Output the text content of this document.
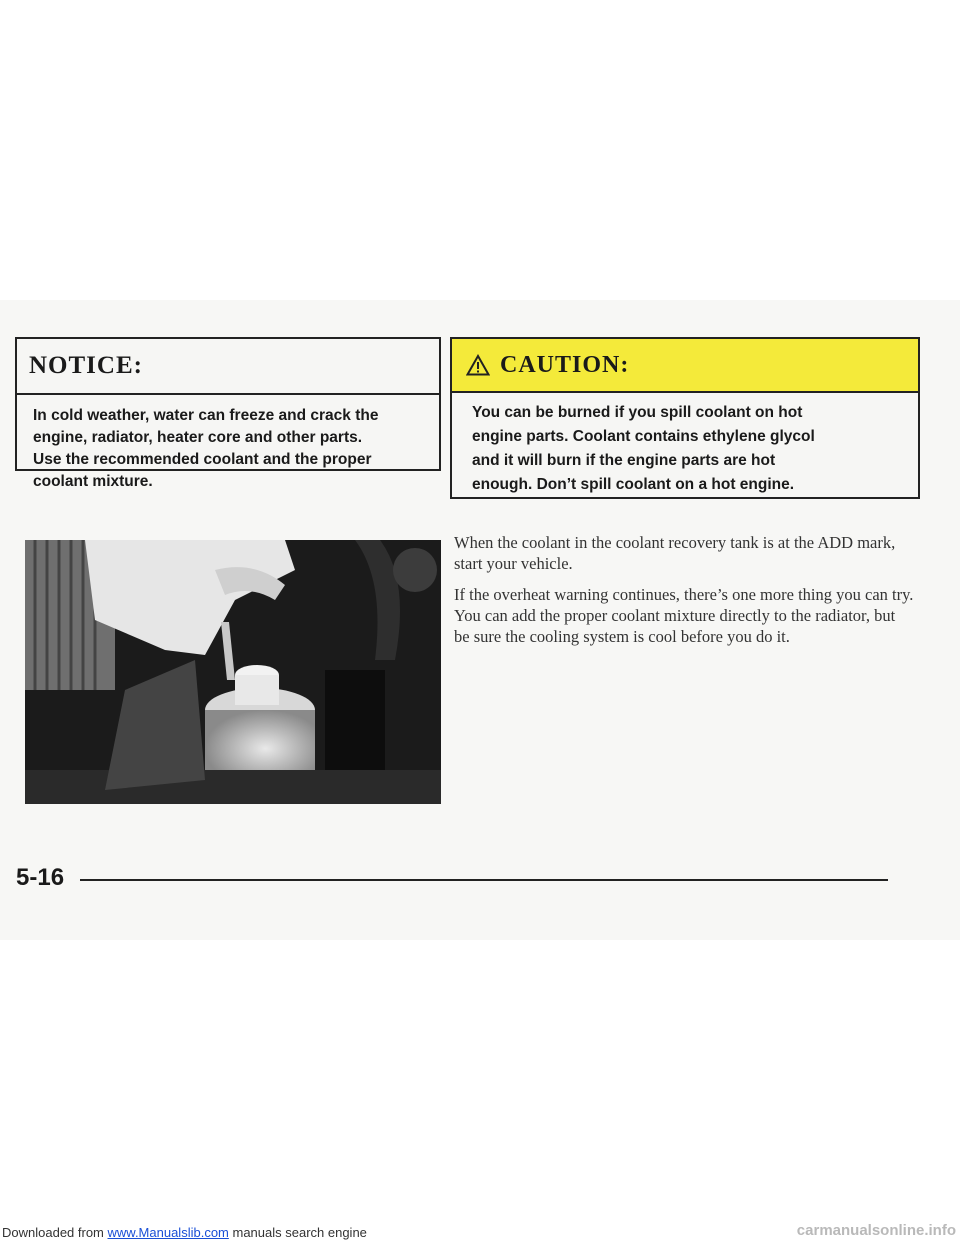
NOTICE:
In cold weather, water can freeze and crack the
engine, radiator, heater core and other parts.
Use the recommended coolant and the proper
coolant mixture.
CAUTION:
You can be burned if you spill coolant on hot
engine parts. Coolant contains ethylene glycol
and it will burn if the engine parts are hot
enough. Don’t spill coolant on a hot engine.

When the coolant in the coolant recovery tank is at the ADD mark, start your vehicle.

If the overheat warning continues, there’s one more thing you can try. You can add the proper coolant mixture directly to the radiator, but be sure the cooling system is cool before you do it.

5-16
Downloaded from www.Manualslib.com manuals search engine	carmanualsonline.info
